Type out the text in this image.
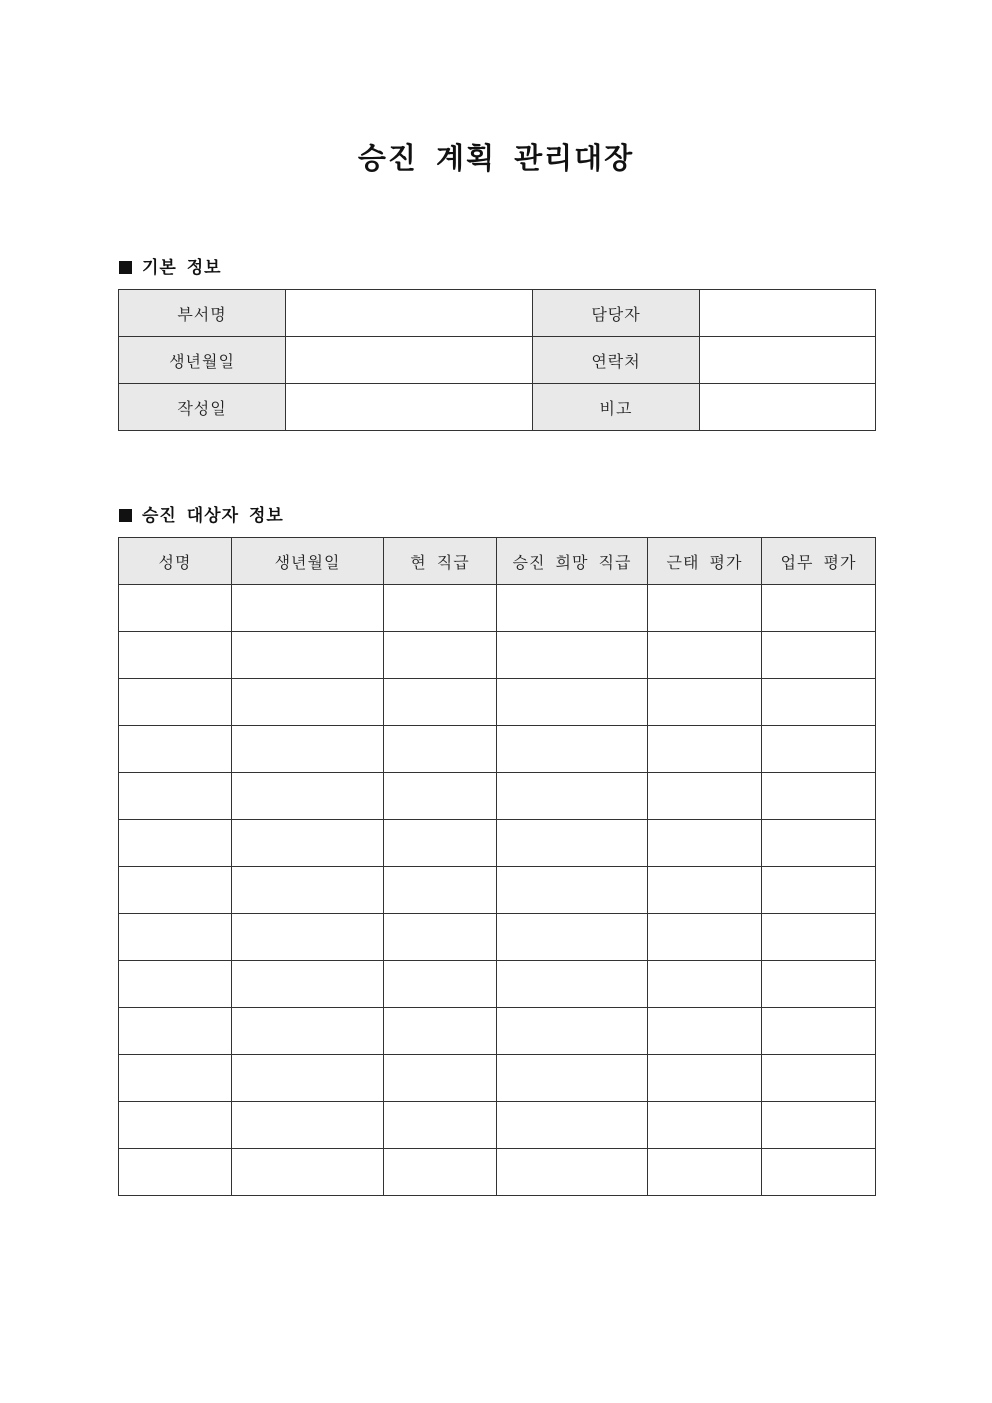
승진 계획 관리대장
기본 정보
부서명		담당자	
생년월일		연락처	
작성일		비고	
승진 대상자 정보
성명	생년월일	현 직급	승진 희망 직급	근태 평가	업무 평가
